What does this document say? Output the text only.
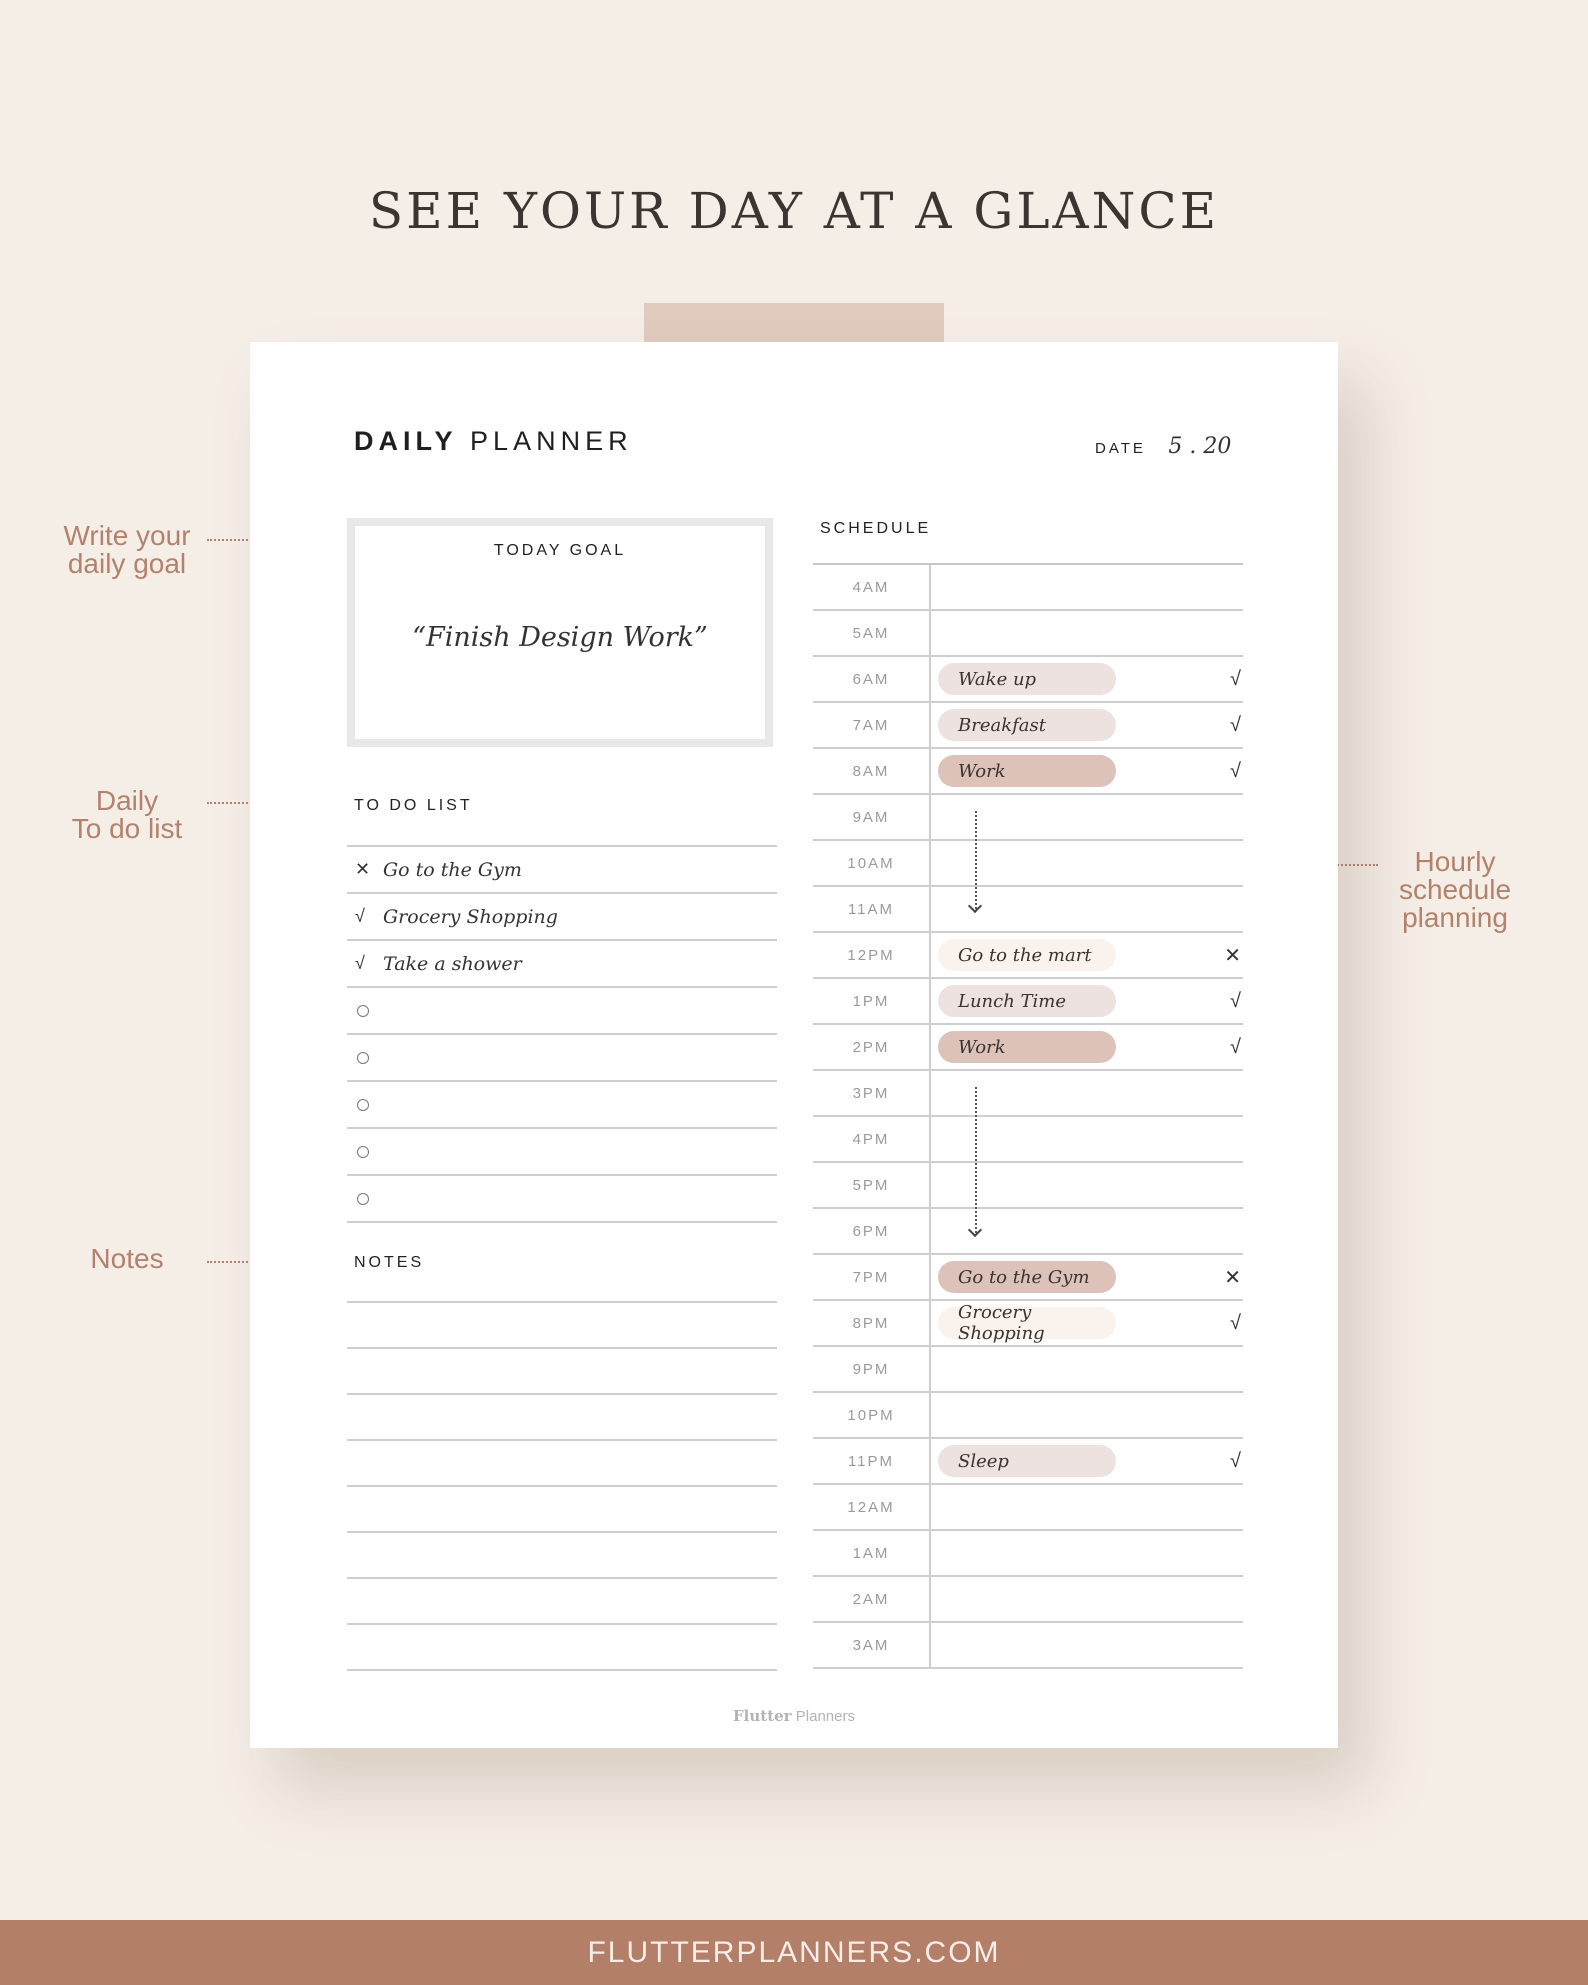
SEE YOUR DAY AT A GLANCE
Write your daily goal
Daily
To do list
Notes
Hourly
schedule
planning
DAILY PLANNER	DATE 5 . 20
TODAY GOAL
“Finish Design Work”
TO DO LIST
✕ Go to the Gym
√ Grocery Shopping
√ Take a shower
NOTES
SCHEDULE
4AM
5AM
6AM	Wake up	√
7AM	Breakfast	√
8AM	Work	√
9AM
10AM
11AM
12PM	Go to the mart	✕
1PM	Lunch Time	√
2PM	Work	√
3PM
4PM
5PM
6PM
7PM	Go to the Gym	✕
8PM	Grocery Shopping	√
9PM
10PM
11PM	Sleep	√
12AM
1AM
2AM
3AM
Flutter Planners
FLUTTERPLANNERS.COM
